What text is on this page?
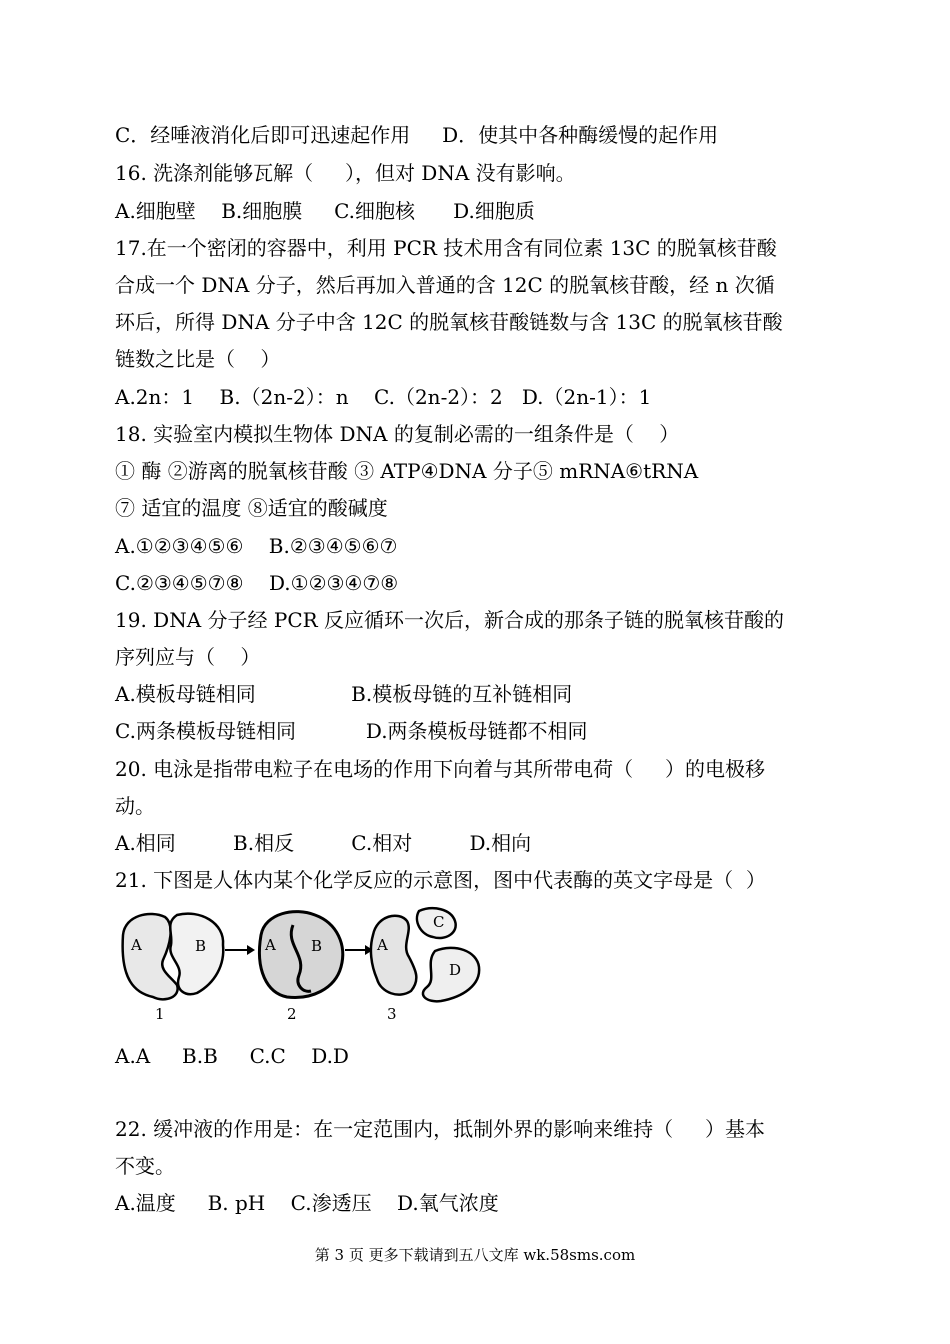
C．经唾液消化后即可迅速起作用     D．使其中各种酶缓慢的起作用
16. 洗涤剂能够瓦解（     ），但对 DNA 没有影响。
A.细胞壁    B.细胞膜     C.细胞核      D.细胞质
17.在一个密闭的容器中，利用 PCR 技术用含有同位素 13C 的脱氧核苷酸
合成一个 DNA 分子，然后再加入普通的含 12C 的脱氧核苷酸，经 n 次循
环后，所得 DNA 分子中含 12C 的脱氧核苷酸链数与含 13C 的脱氧核苷酸
链数之比是（    ）
A.2n：1    B.（2n-2）：n    C.（2n-2）：2   D.（2n-1）：1
18. 实验室内模拟生物体 DNA 的复制必需的一组条件是（    ）
① 酶 ②游离的脱氧核苷酸 ③ ATP④DNA 分子⑤ mRNA⑥tRNA
⑦ 适宜的温度 ⑧适宜的酸碱度
A.①②③④⑤⑥    B.②③④⑤⑥⑦
C.②③④⑤⑦⑧    D.①②③④⑦⑧
19. DNA 分子经 PCR 反应循环一次后，新合成的那条子链的脱氧核苷酸的
序列应与（    ）
A.模板母链相同               B.模板母链的互补链相同
C.两条模板母链相同           D.两条模板母链都不相同
20. 电泳是指带电粒子在电场的作用下向着与其所带电荷（     ）的电极移
动。
A.相同         B.相反         C.相对         D.相向
21. 下图是人体内某个化学反应的示意图，图中代表酶的英文字母是（  ）
A	B
1
A B
2
A
C
D
3
A.A     B.B     C.C    D.D
22. 缓冲液的作用是：在一定范围内，抵制外界的影响来维持（     ）基本
不变。
A.温度     B. pH    C.渗透压    D.氧气浓度
第 3 页 更多下载请到五八文库 wk.58sms.com
